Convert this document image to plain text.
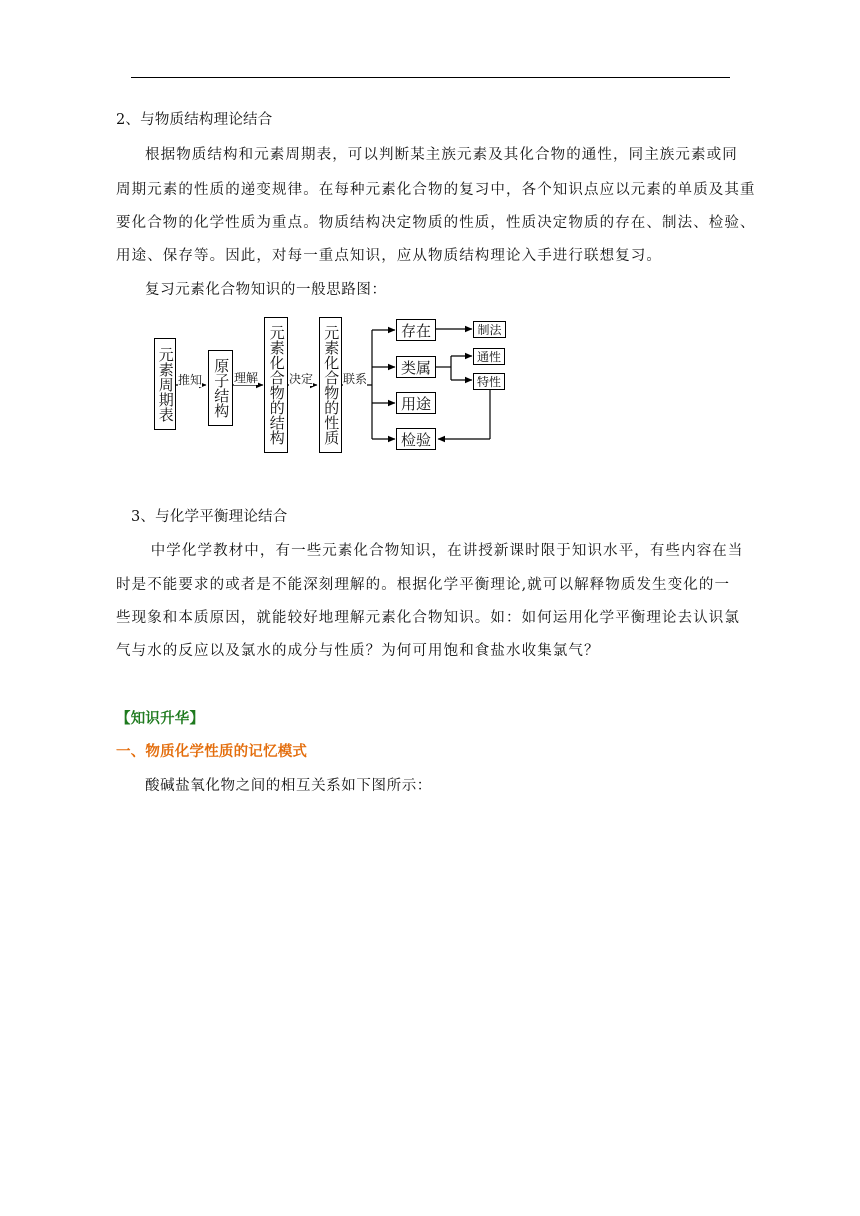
2、与物质结构理论结合
根据物质结构和元素周期表，可以判断某主族元素及其化合物的通性，同主族元素或同
周期元素的性质的递变规律。在每种元素化合物的复习中，各个知识点应以元素的单质及其重
要化合物的化学性质为重点。物质结构决定物质的性质，性质决定物质的存在、制法、检验、
用途、保存等。因此，对每一重点知识，应从物质结构理论入手进行联想复习。
复习元素化合物知识的一般思路图：
推知	理解	决定 联系
元素周期表	原子结构	元素化合物的结构 元素化合物的性质	存在
类属
用途
检验
制法
通性
特性
3、与化学平衡理论结合
中学化学教材中，有一些元素化合物知识，在讲授新课时限于知识水平，有些内容在当
时是不能要求的或者是不能深刻理解的。根据化学平衡理论,就可以解释物质发生变化的一
些现象和本质原因，就能较好地理解元素化合物知识。如：如何运用化学平衡理论去认识氯
气与水的反应以及氯水的成分与性质？为何可用饱和食盐水收集氯气？
【知识升华】
一、物质化学性质的记忆模式
酸碱盐氧化物之间的相互关系如下图所示：
